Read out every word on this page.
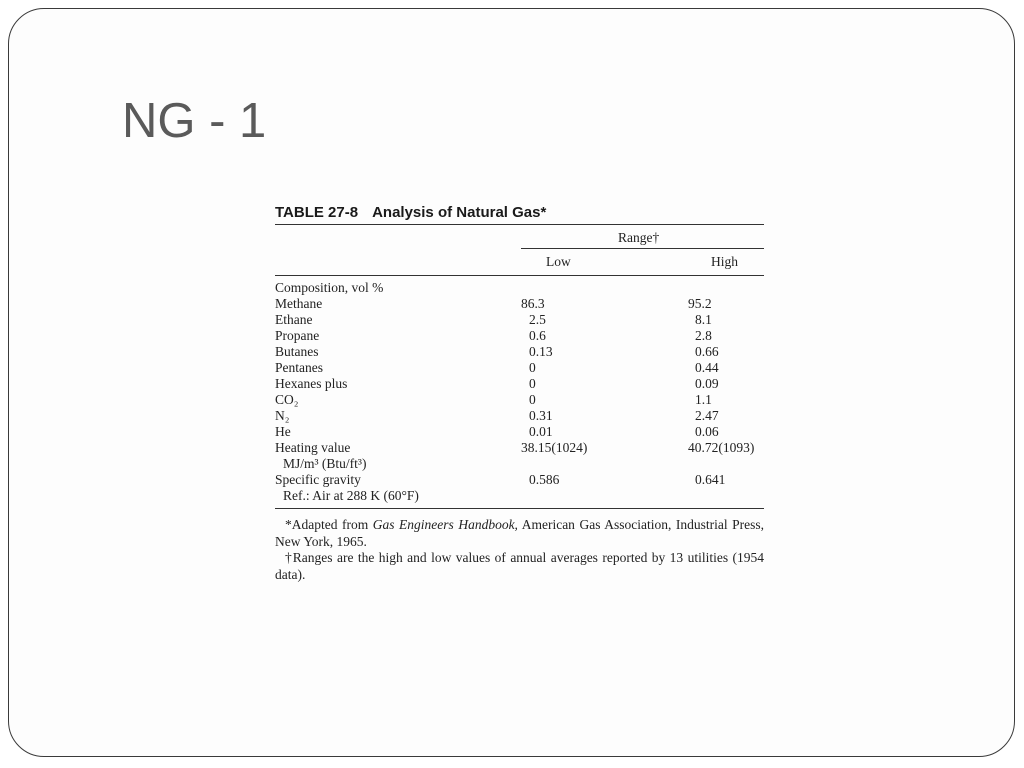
NG - 1
TABLE 27-8 Analysis of Natural Gas*
Range†
Low	High
Composition, vol %
Methane	86.3	95.2
Ethane	2.5	8.1
Propane	0.6	2.8
Butanes	0.13	0.66
Pentanes	0	0.44
Hexanes plus	0	0.09
CO₂	0	1.1
N₂	0.31	2.47
He	0.01	0.06
Heating value	38.15(1024)	40.72(1093)
MJ/m³ (Btu/ft³)
Specific gravity	0.586	0.641
Ref.: Air at 288 K (60°F)

*Adapted from Gas Engineers Handbook, American Gas Association, Industrial Press, New York, 1965.

†Ranges are the high and low values of annual averages reported by 13 utilities (1954 data).
